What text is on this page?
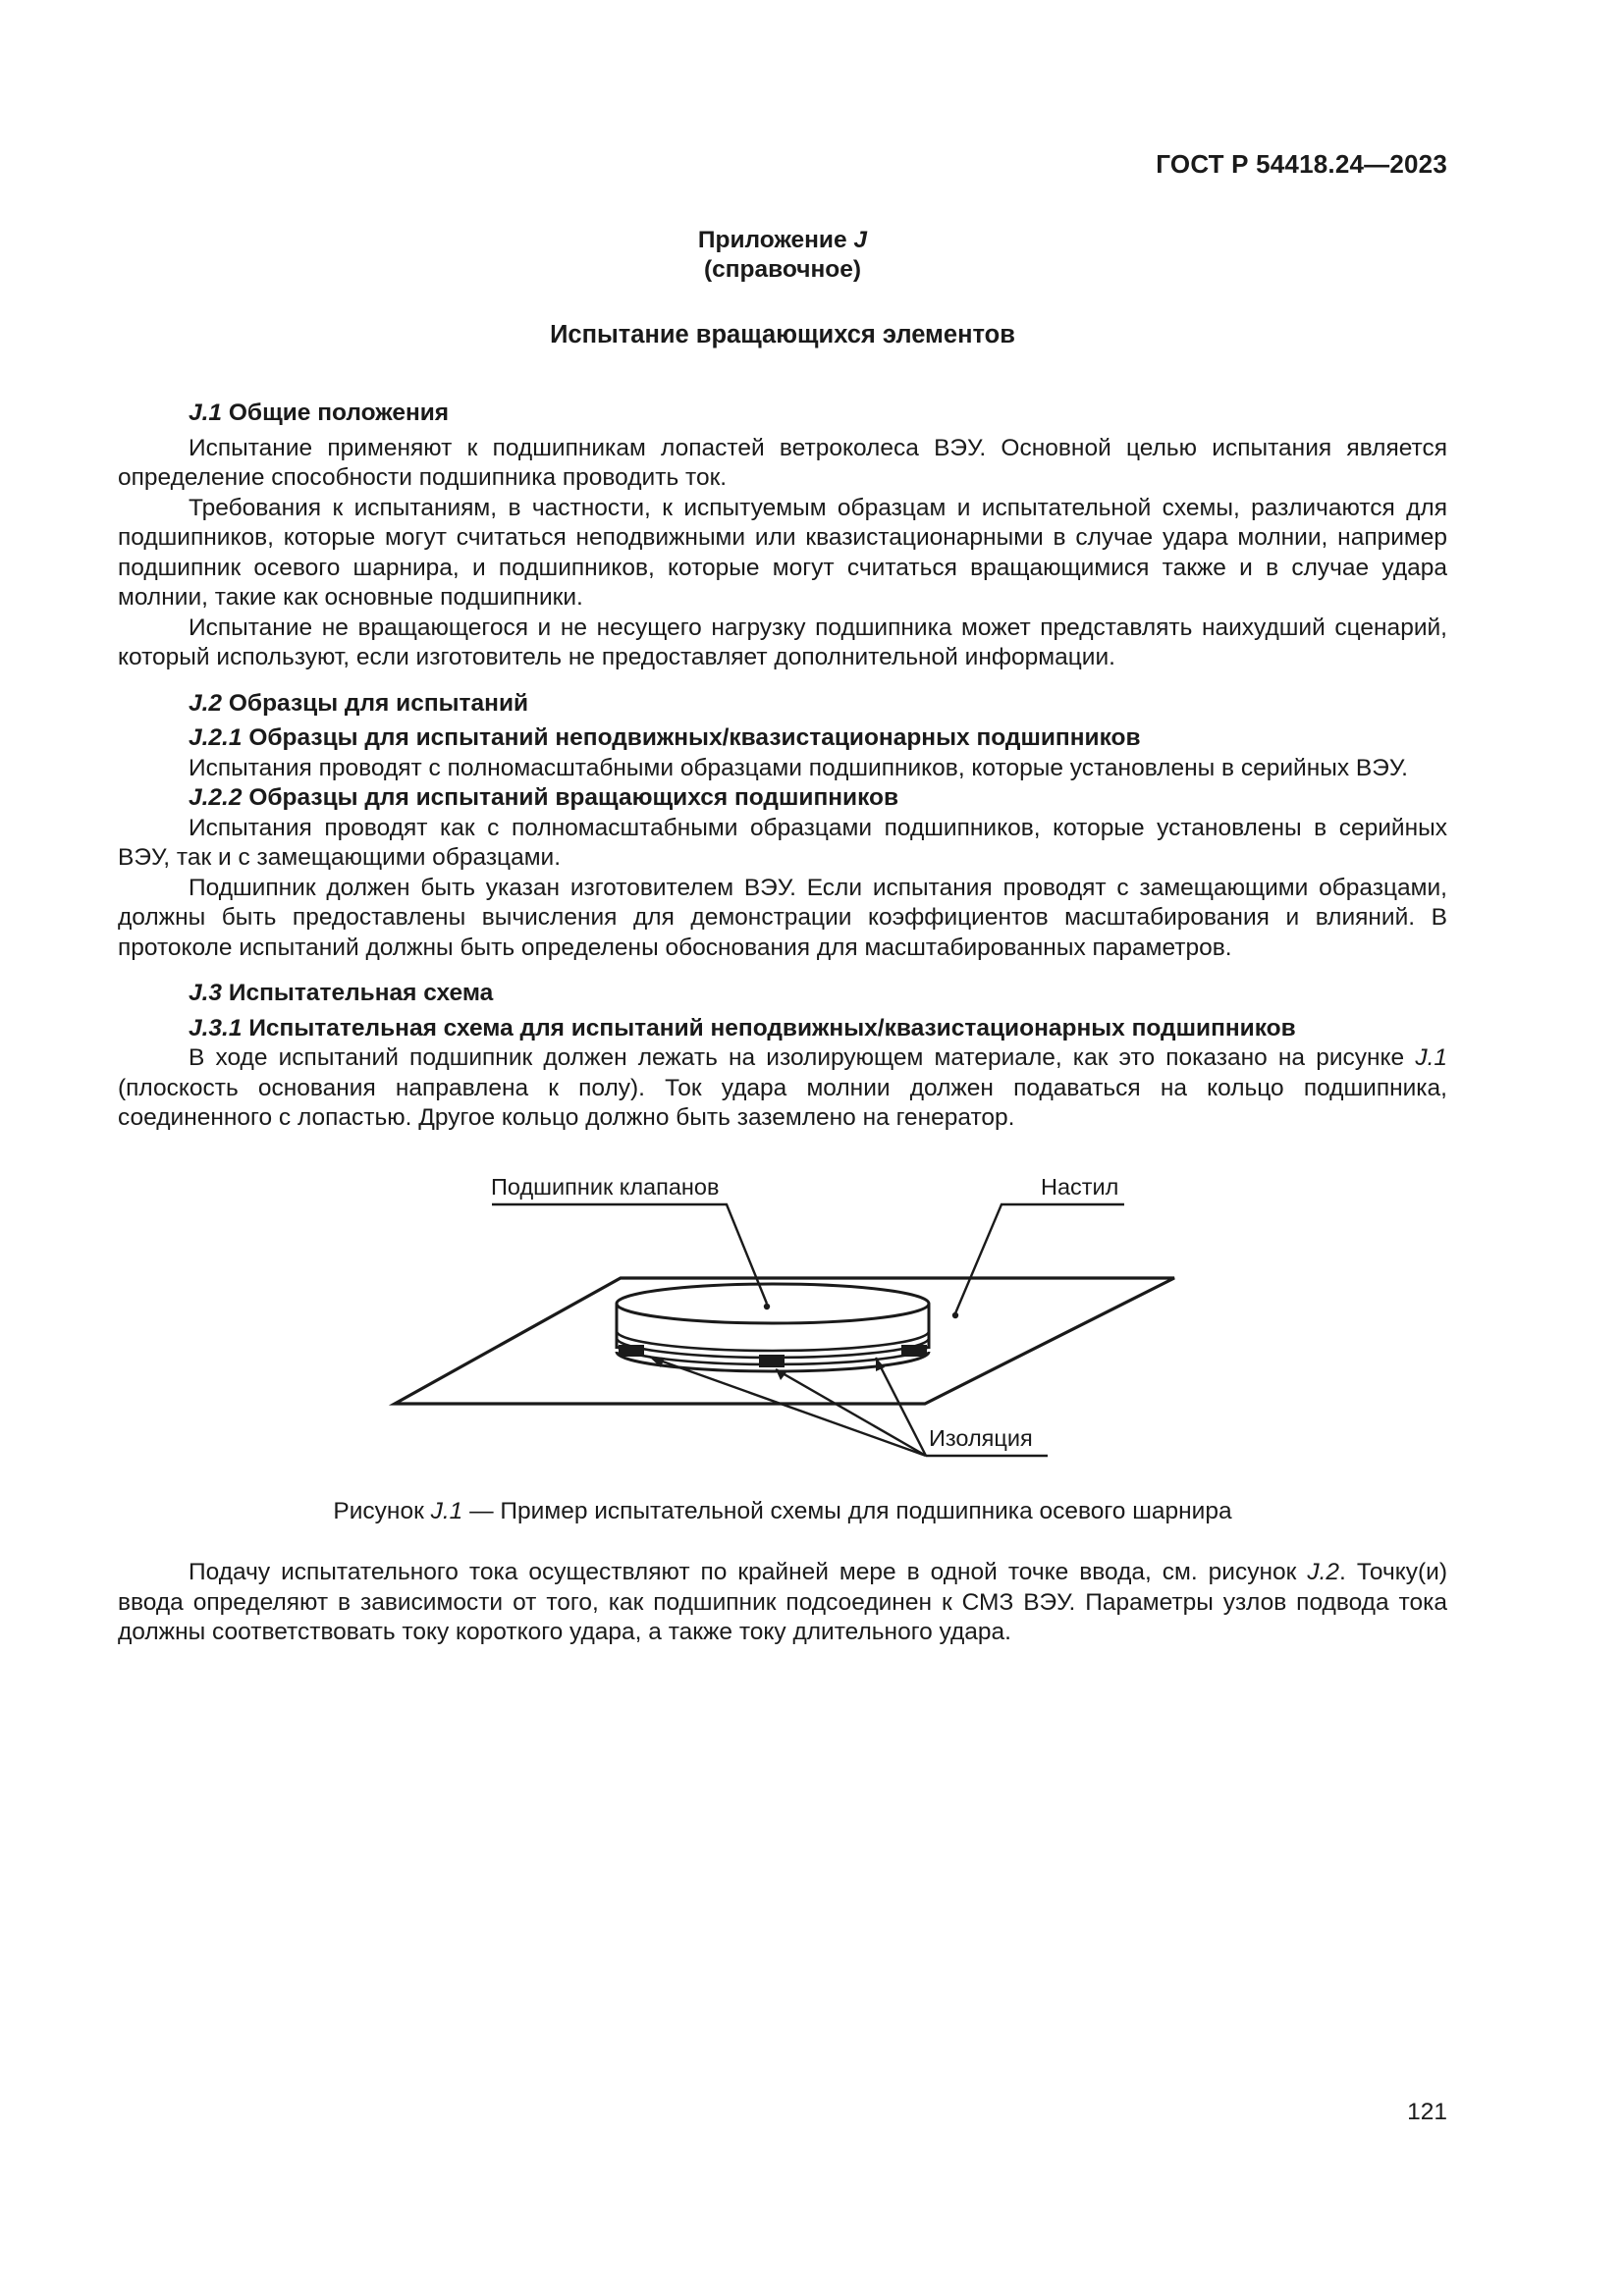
ГОСТ Р 54418.24—2023
Приложение J
(справочное)
Испытание вращающихся элементов
J.1 Общие положения

Испытание применяют к подшипникам лопастей ветроколеса ВЭУ. Основной целью испытания является определение способности подшипника проводить ток.

Требования к испытаниям, в частности, к испытуемым образцам и испытательной схемы, различаются для подшипников, которые могут считаться неподвижными или квазистационарными в случае удара молнии, например подшипник осевого шарнира, и подшипников, которые могут считаться вращающимися также и в случае удара молнии, такие как основные подшипники.

Испытание не вращающегося и не несущего нагрузку подшипника может представлять наихудший сценарий, который используют, если изготовитель не предоставляет дополнительной информации.

J.2 Образцы для испытаний
J.2.1 Образцы для испытаний неподвижных/квазистационарных подшипников

Испытания проводят с полномасштабными образцами подшипников, которые установлены в серийных ВЭУ.

J.2.2 Образцы для испытаний вращающихся подшипников

Испытания проводят как с полномасштабными образцами подшипников, которые установлены в серийных ВЭУ, так и с замещающими образцами.

Подшипник должен быть указан изготовителем ВЭУ. Если испытания проводят с замещающими образцами, должны быть предоставлены вычисления для демонстрации коэффициентов масштабирования и влияний. В протоколе испытаний должны быть определены обоснования для масштабированных параметров.

J.3 Испытательная схема
J.3.1 Испытательная схема для испытаний неподвижных/квазистационарных подшипников

В ходе испытаний подшипник должен лежать на изолирующем материале, как это показано на рисунке J.1 (плоскость основания направлена к полу). Ток удара молнии должен подаваться на кольцо подшипника, соединенного с лопастью. Другое кольцо должно быть заземлено на генератор.

Подшипник клапанов	Настил
Изоляция
Рисунок J.1 — Пример испытательной схемы для подшипника осевого шарнира

Подачу испытательного тока осуществляют по крайней мере в одной точке ввода, см. рисунок J.2. Точку(и) ввода определяют в зависимости от того, как подшипник подсоединен к СМЗ ВЭУ. Параметры узлов подвода тока должны соответствовать току короткого удара, а также току длительного удара.

121
